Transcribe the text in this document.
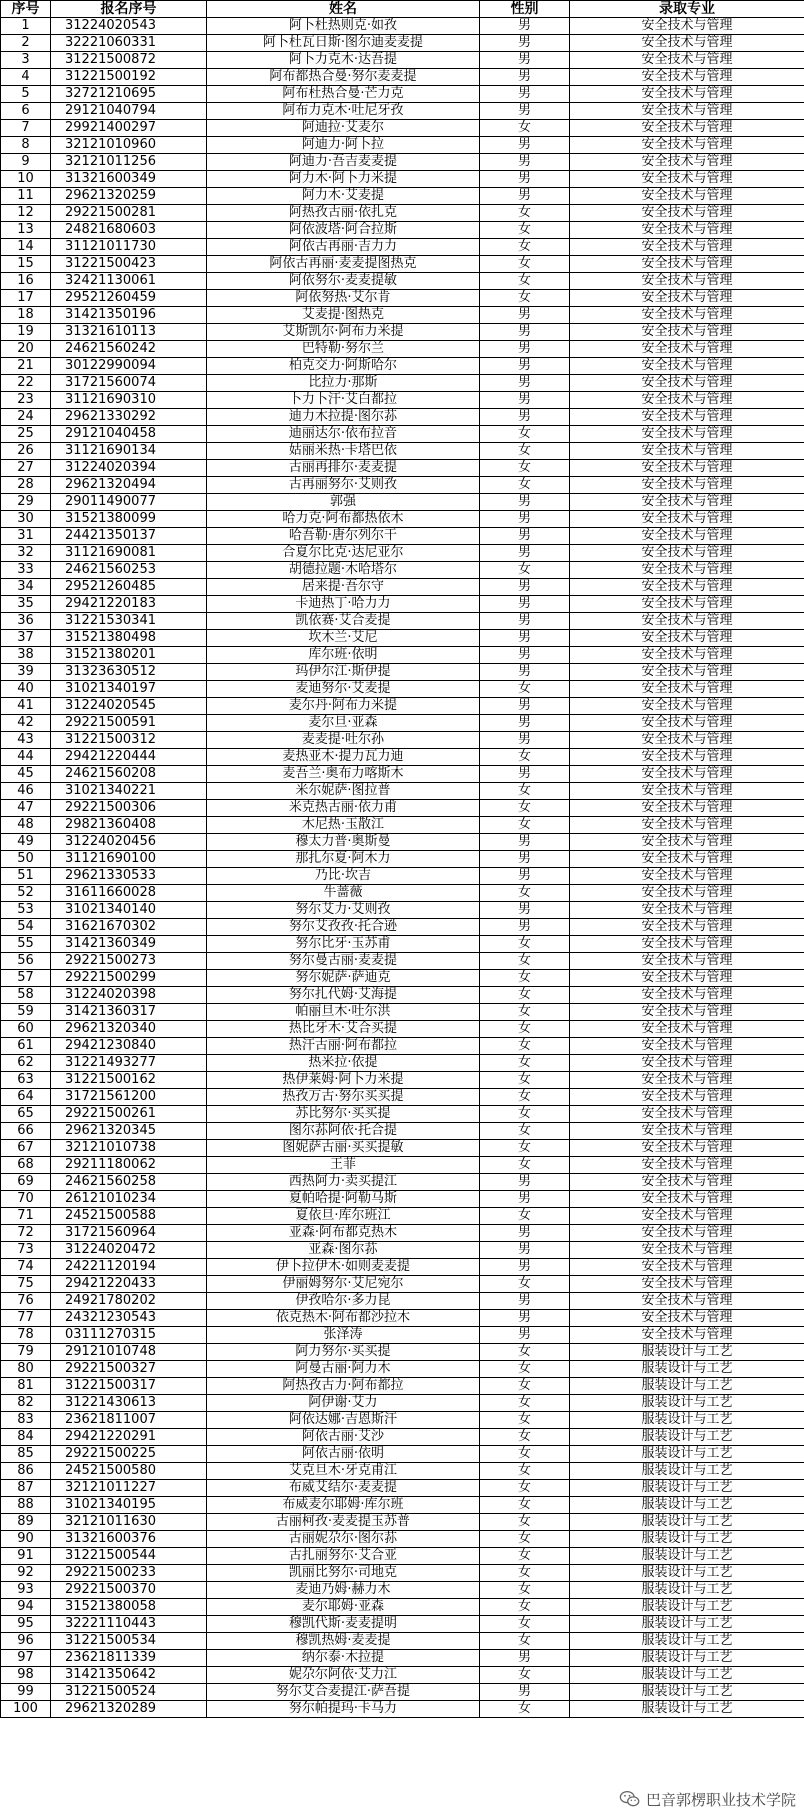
序号	报名序号	姓名	性别	录取专业
1	31224020543	阿卜杜热则克·如孜	男	安全技术与管理
2	32221060331	阿卜杜瓦日斯·图尔迪麦麦提	男	安全技术与管理
3	31221500872	阿卜力克木·达吾提	男	安全技术与管理
4	31221500192	阿布都热合曼·努尔麦麦提	男	安全技术与管理
5	32721210695	阿布杜热合曼·芒力克	男	安全技术与管理
6	29121040794	阿布力克木·吐尼牙孜	男	安全技术与管理
7	29921400297	阿迪拉·艾麦尔	女	安全技术与管理
8	32121010960	阿迪力·阿卜拉	男	安全技术与管理
9	32121011256	阿迪力·吾吉麦麦提	男	安全技术与管理
10	31321600349	阿力木·阿卜力米提	男	安全技术与管理
11	29621320259	阿力木·艾麦提	男	安全技术与管理
12	29221500281	阿热孜古丽·依扎克	女	安全技术与管理
13	24821680603	阿依波塔·阿合拉斯	女	安全技术与管理
14	31121011730	阿依古再丽·吉力力	女	安全技术与管理
15	31221500423	阿依古再丽·麦麦提图热克	女	安全技术与管理
16	32421130061	阿依努尔·麦麦提敏	女	安全技术与管理
17	29521260459	阿依努热·艾尔肯	女	安全技术与管理
18	31421350196	艾麦提·图热克	男	安全技术与管理
19	31321610113	艾斯凯尔·阿布力米提	男	安全技术与管理
20	24621560242	巴特勒·努尔兰	男	安全技术与管理
21	30122990094	柏克交力·阿斯哈尔	男	安全技术与管理
22	31721560074	比拉力·那斯	男	安全技术与管理
23	31121690310	卜力卜汗·艾白都拉	男	安全技术与管理
24	29621330292	迪力木拉提·图尔荪	男	安全技术与管理
25	29121040458	迪丽达尔·依布拉音	女	安全技术与管理
26	31121690134	姑丽米热·卡塔巴依	女	安全技术与管理
27	31224020394	古丽再排尔·麦麦提	女	安全技术与管理
28	29621320494	古再丽努尔·艾则孜	女	安全技术与管理
29	29011490077	郭强	男	安全技术与管理
30	31521380099	哈力克·阿布都热依木	男	安全技术与管理
31	24421350137	哈吾勒·唐尔列尔干	男	安全技术与管理
32	31121690081	合夏尔比克·达尼亚尔	男	安全技术与管理
33	24621560253	胡德拉题·木哈塔尔	女	安全技术与管理
34	29521260485	居来提·吾尔守	男	安全技术与管理
35	29421220183	卡迪热丁·哈力力	男	安全技术与管理
36	31221530341	凯依赛·艾合麦提	男	安全技术与管理
37	31521380498	坎木兰·艾尼	男	安全技术与管理
38	31521380201	库尔班·依明	男	安全技术与管理
39	31323630512	玛伊尔江·斯伊提	男	安全技术与管理
40	31021340197	麦迪努尔·艾麦提	女	安全技术与管理
41	31224020545	麦尔丹·阿布力米提	男	安全技术与管理
42	29221500591	麦尔旦·亚森	男	安全技术与管理
43	31221500312	麦麦提·吐尔孙	男	安全技术与管理
44	29421220444	麦热亚木·提力瓦力迪	女	安全技术与管理
45	24621560208	麦吾兰·奥布力喀斯木	男	安全技术与管理
46	31021340221	米尔妮萨·图拉普	女	安全技术与管理
47	29221500306	米克热古丽·依力甫	女	安全技术与管理
48	29821360408	木尼热·玉散江	女	安全技术与管理
49	31224020456	穆太力普·奥斯曼	男	安全技术与管理
50	31121690100	那扎尔夏·阿木力	男	安全技术与管理
51	29621330533	乃比·坎吉	男	安全技术与管理
52	31611660028	牛蔷薇	女	安全技术与管理
53	31021340140	努尔艾力·艾则孜	男	安全技术与管理
54	31621670302	努尔艾孜孜·托合逊	男	安全技术与管理
55	31421360349	努尔比牙·玉苏甫	女	安全技术与管理
56	29221500273	努尔曼古丽·麦麦提	女	安全技术与管理
57	29221500299	努尔妮萨·萨迪克	女	安全技术与管理
58	31224020398	努尔扎代姆·艾海提	女	安全技术与管理
59	31421360317	帕丽旦木·吐尔洪	女	安全技术与管理
60	29621320340	热比牙木·艾合买提	女	安全技术与管理
61	29421230840	热汗古丽·阿布都拉	女	安全技术与管理
62	31221493277	热米拉·依提	女	安全技术与管理
63	31221500162	热伊莱姆·阿卜力米提	女	安全技术与管理
64	31721561200	热孜万古·努尔买买提	女	安全技术与管理
65	29221500261	苏比努尔·买买提	女	安全技术与管理
66	29621320345	图尔荪阿依·托合提	女	安全技术与管理
67	32121010738	图妮萨古丽·买买提敏	女	安全技术与管理
68	29211180062	王菲	女	安全技术与管理
69	24621560258	西热阿力·卖买提江	男	安全技术与管理
70	26121010234	夏帕哈提·阿勒马斯	男	安全技术与管理
71	24521500588	夏依旦·库尔班江	女	安全技术与管理
72	31721560964	亚森·阿布都克热木	男	安全技术与管理
73	31224020472	亚森·图尔荪	男	安全技术与管理
74	24221120194	伊卜拉伊木·如则麦麦提	男	安全技术与管理
75	29421220433	伊丽姆努尔·艾尼宛尔	女	安全技术与管理
76	24921780202	伊孜哈尔·多力昆	男	安全技术与管理
77	24321230543	依克热木·阿布都沙拉木	男	安全技术与管理
78	03111270315	张泽涛	男	安全技术与管理
79	29121010748	阿力努尔·买买提	女	服装设计与工艺
80	29221500327	阿曼古丽·阿力木	女	服装设计与工艺
81	31221500317	阿热孜古力·阿布都拉	女	服装设计与工艺
82	31221430613	阿伊谢·艾力	女	服装设计与工艺
83	23621811007	阿依达娜·吉恩斯汗	女	服装设计与工艺
84	29421220291	阿依古丽·艾沙	女	服装设计与工艺
85	29221500225	阿依古丽·依明	女	服装设计与工艺
86	24521500580	艾克旦木·牙克甫江	女	服装设计与工艺
87	32121011227	布威艾结尔·麦麦提	女	服装设计与工艺
88	31021340195	布威麦尔耶姆·库尔班	女	服装设计与工艺
89	32121011630	古丽柯孜·麦麦提玉苏普	女	服装设计与工艺
90	31321600376	古丽妮尕尔·图尔荪	女	服装设计与工艺
91	31221500544	古扎丽努尔·艾合亚	女	服装设计与工艺
92	29221500233	凯丽比努尔·司地克	女	服装设计与工艺
93	29221500370	麦迪乃姆·赫力木	女	服装设计与工艺
94	31521380058	麦尔耶姆·亚森	女	服装设计与工艺
95	32221110443	穆凯代斯·麦麦提明	女	服装设计与工艺
96	31221500534	穆凯热姆·麦麦提	女	服装设计与工艺
97	23621811339	纳尔泰·木拉提	男	服装设计与工艺
98	31421350642	妮尕尔阿依·艾力江	女	服装设计与工艺
99	31221500524	努尔艾合麦提江·萨吾提	男	服装设计与工艺
100	29621320289	努尔帕提玛·卡马力	女	服装设计与工艺
巴音郭楞职业技术学院
